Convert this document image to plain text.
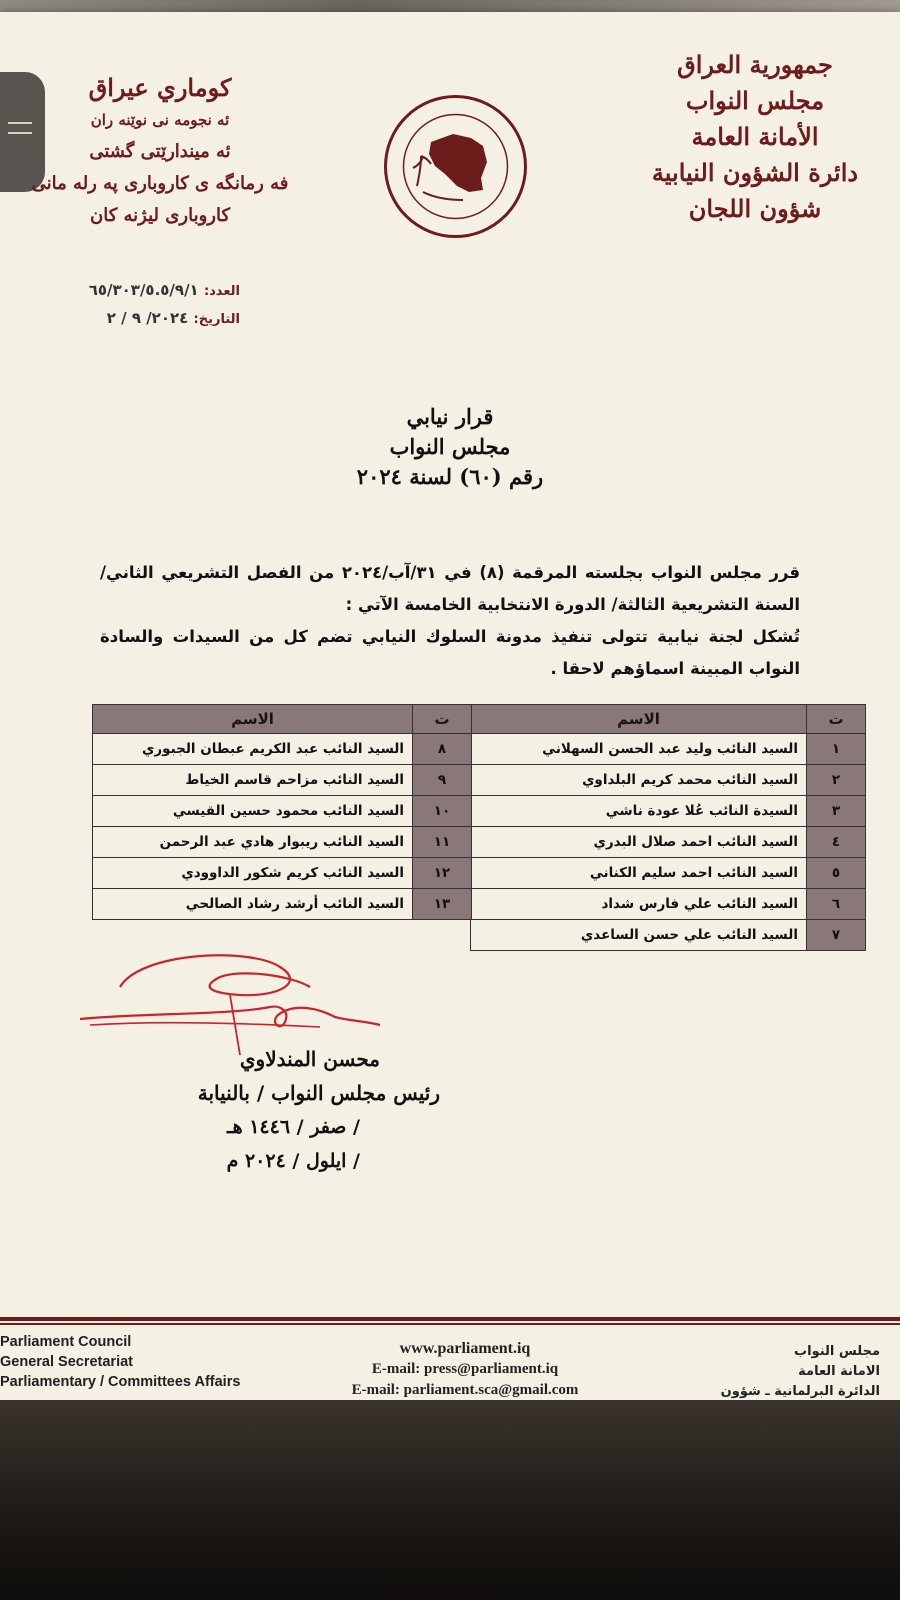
جمهورية العراق
مجلس النواب
الأمانة العامة
دائرة الشؤون النيابية
شؤون اللجان
كوماري عيراق
ئه نجومه نی نوێنه ران
ئه میندارێتی گشتی
فه رمانگه ی کاروباری په رله مانی
کاروباری لیژنه کان
العدد: ٦٥/٣٠٣/٥.٥/٩/١
التاريخ: ٢٠٢٤/ ٩ / ٢
قرار نيابي
مجلس النواب
رقم (٦٠) لسنة ٢٠٢٤
قرر مجلس النواب بجلسته المرقمة (٨) في ٣١/آب/٢٠٢٤ من الفصل التشريعي الثاني/السنة التشريعية الثالثة/ الدورة الانتخابية الخامسة الآتي :
تُشكل لجنة نيابية تتولى تنفيذ مدونة السلوك النيابي تضم كل من السيدات والسادة النواب المبينة اسماؤهم لاحقا .
ت	الاسم
١	السيد النائب وليد عبد الحسن السهلاني
٢	السيد النائب محمد كريم البلداوي
٣	السيدة النائب عُلا عودة ناشي
٤	السيد النائب احمد صلال البدري
٥	السيد النائب احمد سليم الكناني
٦	السيد النائب علي فارس شداد
٧	السيد النائب علي حسن الساعدي
ت	الاسم
٨	السيد النائب عبد الكريم عبطان الجبوري
٩	السيد النائب مزاحم قاسم الخياط
١٠	السيد النائب محمود حسين القيسي
١١	السيد النائب ريبوار هادي عبد الرحمن
١٢	السيد النائب كريم شكور الداوودي
١٣	السيد النائب أرشد رشاد الصالحي
محسن المندلاوي
رئيس مجلس النواب / بالنيابة
/ صفر / ١٤٤٦ هـ
/ ايلول / ٢٠٢٤ م
Parliament Council
General Secretariat
Parliamentary / Committees Affairs
www.parliament.iq
E-mail: press@parliament.iq
E-mail: parliament.sca@gmail.com
مجلس النواب
الامانة العامة
الدائرة البرلمانية ـ شؤون
